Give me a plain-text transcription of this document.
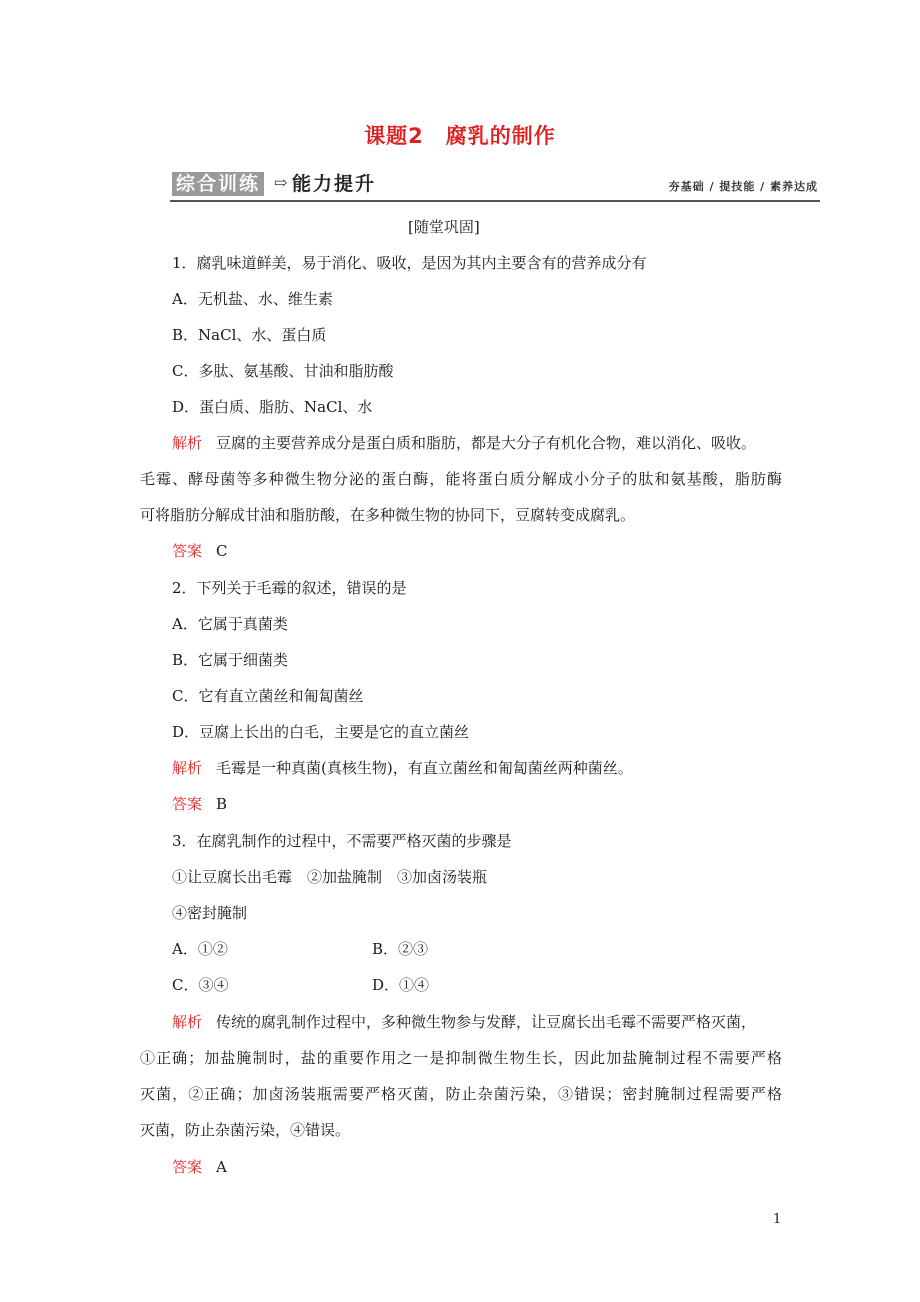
课题2　腐乳的制作
综合训练 ⇨ 能力提升	夯基础 / 提技能 / 素养达成
[随堂巩固]
1．腐乳味道鲜美，易于消化、吸收，是因为其内主要含有的营养成分有
A．无机盐、水、维生素
B．NaCl、水、蛋白质
C．多肽、氨基酸、甘油和脂肪酸
D．蛋白质、脂肪、NaCl、水
解析 豆腐的主要营养成分是蛋白质和脂肪，都是大分子有机化合物，难以消化、吸收。
毛霉、酵母菌等多种微生物分泌的蛋白酶，能将蛋白质分解成小分子的肽和氨基酸，脂肪酶
可将脂肪分解成甘油和脂肪酸，在多种微生物的协同下，豆腐转变成腐乳。
答案 C
2．下列关于毛霉的叙述，错误的是
A．它属于真菌类
B．它属于细菌类
C．它有直立菌丝和匍匐菌丝
D．豆腐上长出的白毛，主要是它的直立菌丝
解析 毛霉是一种真菌(真核生物)，有直立菌丝和匍匐菌丝两种菌丝。
答案 B
3．在腐乳制作的过程中，不需要严格灭菌的步骤是
①让豆腐长出毛霉　②加盐腌制　③加卤汤装瓶
④密封腌制
A．①②	B．②③
C．③④	D．①④
解析 传统的腐乳制作过程中，多种微生物参与发酵，让豆腐长出毛霉不需要严格灭菌，
①正确；加盐腌制时，盐的重要作用之一是抑制微生物生长，因此加盐腌制过程不需要严格
灭菌，②正确；加卤汤装瓶需要严格灭菌，防止杂菌污染，③错误；密封腌制过程需要严格
灭菌，防止杂菌污染，④错误。
答案 A
1
